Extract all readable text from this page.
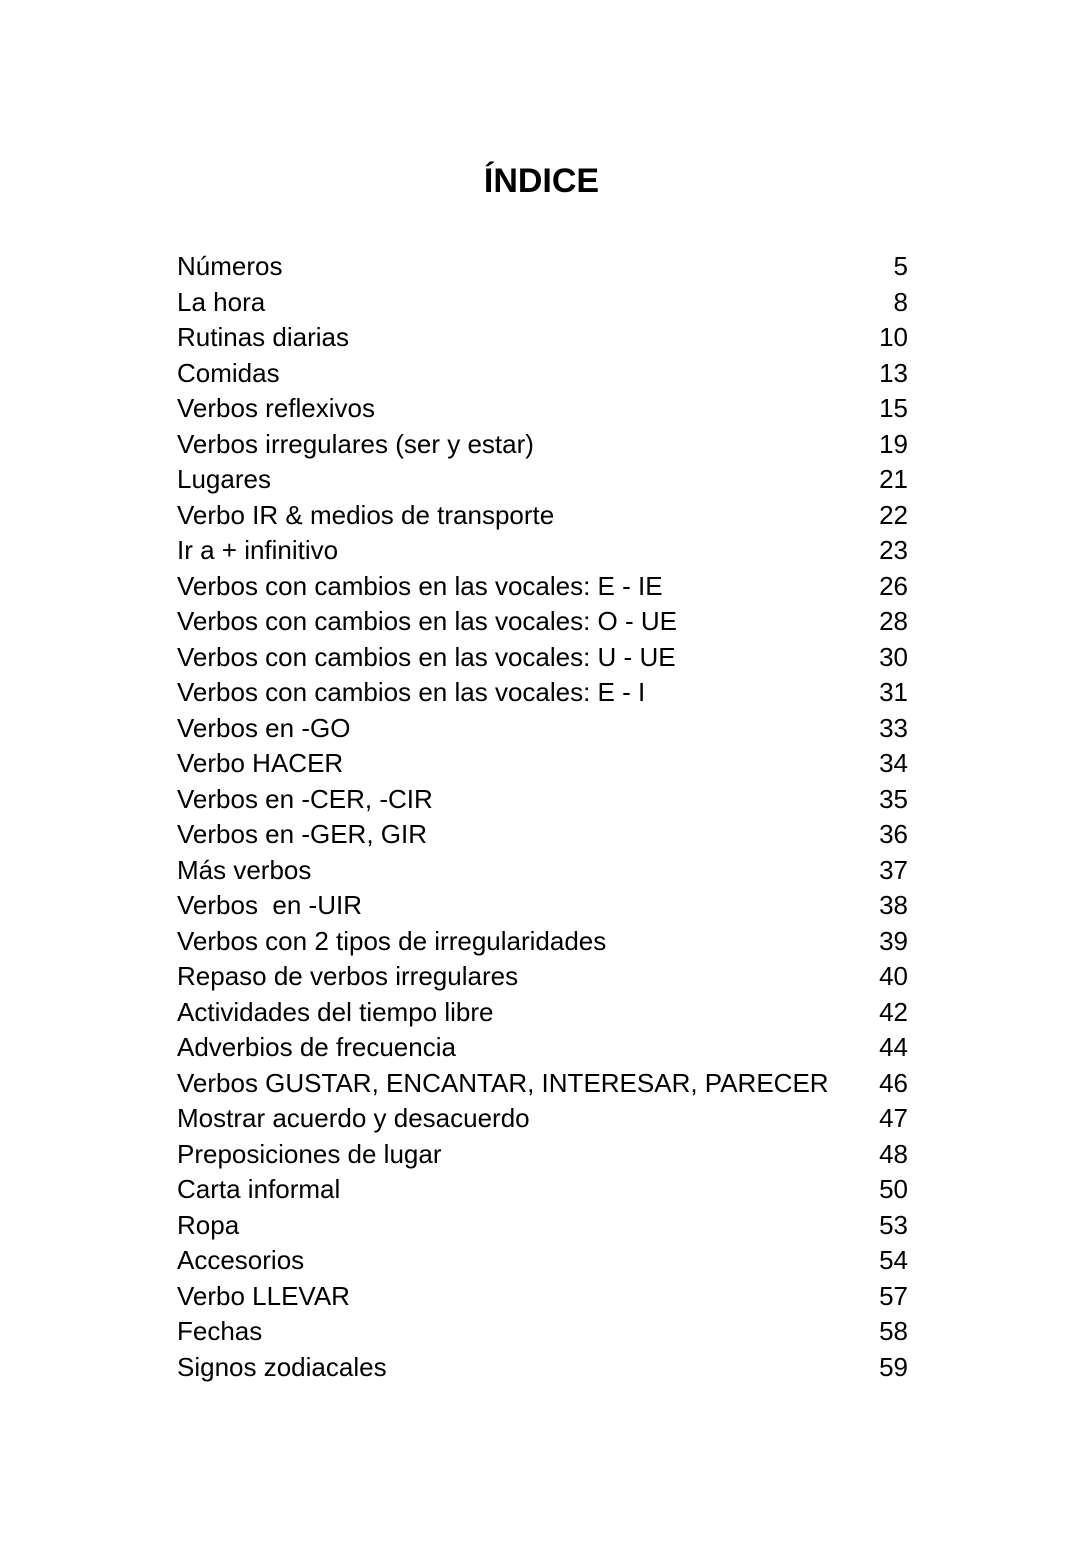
ÍNDICE
Números	5
La hora	8
Rutinas diarias	10
Comidas	13
Verbos reflexivos	15
Verbos irregulares (ser y estar)	19
Lugares	21
Verbo IR & medios de transporte	22
Ir a + infinitivo	23
Verbos con cambios en las vocales: E - IE	26
Verbos con cambios en las vocales: O - UE	28
Verbos con cambios en las vocales: U - UE	30
Verbos con cambios en las vocales: E - I	31
Verbos en -GO	33
Verbo HACER	34
Verbos en -CER, -CIR	35
Verbos en -GER, GIR	36
Más verbos	37
Verbos  en -UIR	38
Verbos con 2 tipos de irregularidades	39
Repaso de verbos irregulares	40
Actividades del tiempo libre	42
Adverbios de frecuencia	44
Verbos GUSTAR, ENCANTAR, INTERESAR, PARECER	46
Mostrar acuerdo y desacuerdo	47
Preposiciones de lugar	48
Carta informal	50
Ropa	53
Accesorios	54
Verbo LLEVAR	57
Fechas	58
Signos zodiacales	59
